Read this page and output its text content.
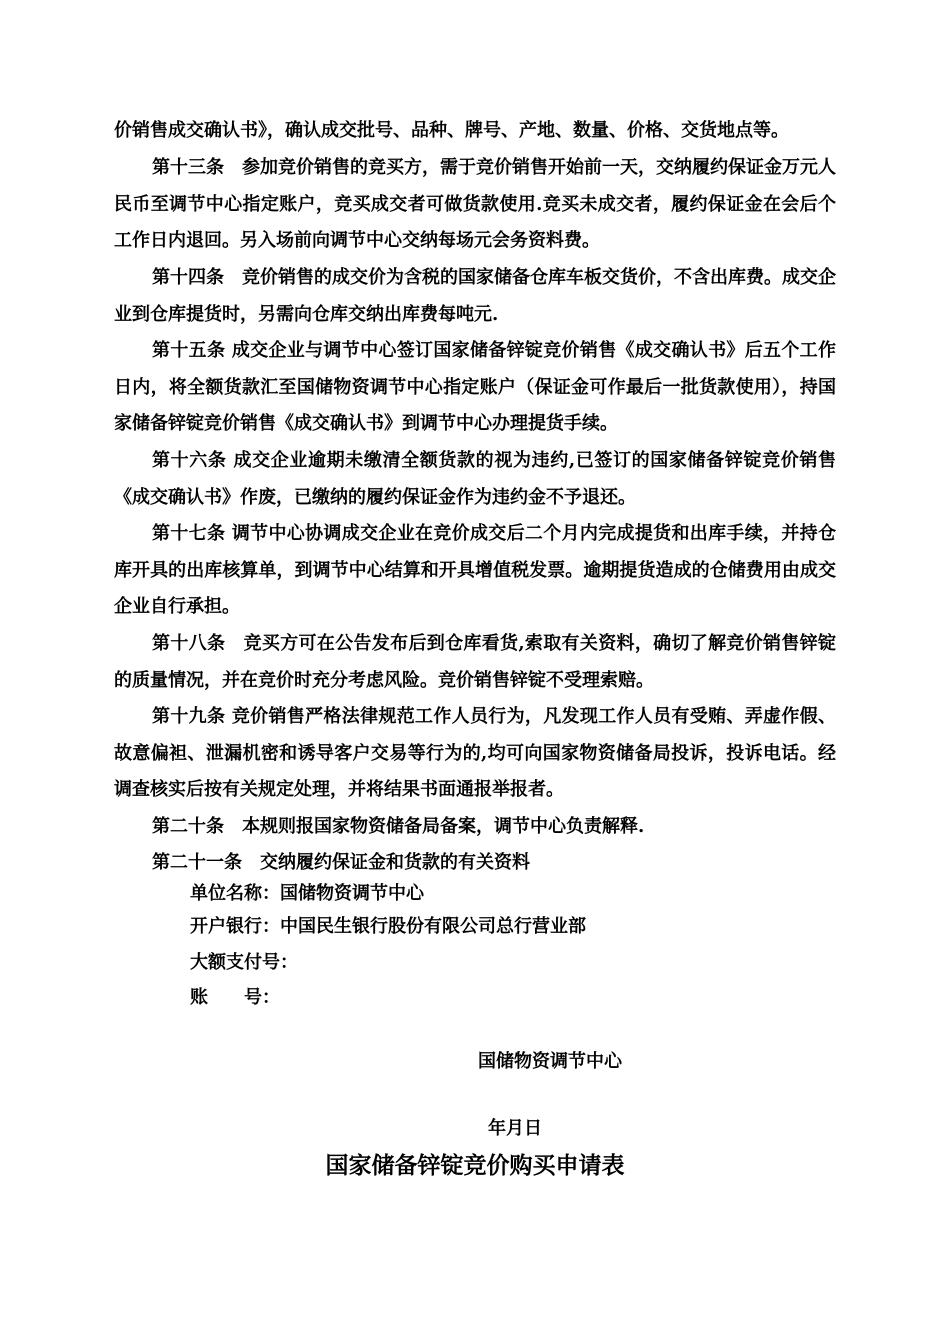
价销售成交确认书》，确认成交批号、品种、牌号、产地、数量、价格、交货地点等。

第十三条　参加竞价销售的竞买方，需于竞价销售开始前一天，交纳履约保证金万元人民币至调节中心指定账户，竞买成交者可做货款使用.竞买未成交者，履约保证金在会后个工作日内退回。另入场前向调节中心交纳每场元会务资料费。

第十四条　竞价销售的成交价为含税的国家储备仓库车板交货价，不含出库费。成交企业到仓库提货时，另需向仓库交纳出库费每吨元.

第十五条 成交企业与调节中心签订国家储备锌锭竞价销售《成交确认书》后五个工作日内，将全额货款汇至国储物资调节中心指定账户（保证金可作最后一批货款使用），持国家储备锌锭竞价销售《成交确认书》到调节中心办理提货手续。

第十六条 成交企业逾期未缴清全额货款的视为违约,已签订的国家储备锌锭竞价销售《成交确认书》作废，已缴纳的履约保证金作为违约金不予退还。

第十七条 调节中心协调成交企业在竞价成交后二个月内完成提货和出库手续，并持仓库开具的出库核算单，到调节中心结算和开具增值税发票。逾期提货造成的仓储费用由成交企业自行承担。

第十八条　竞买方可在公告发布后到仓库看货,索取有关资料，确切了解竞价销售锌锭的质量情况，并在竞价时充分考虑风险。竞价销售锌锭不受理索赔。

第十九条 竞价销售严格法律规范工作人员行为，凡发现工作人员有受贿、弄虚作假、故意偏袒、泄漏机密和诱导客户交易等行为的,均可向国家物资储备局投诉，投诉电话。经调查核实后按有关规定处理，并将结果书面通报举报者。

第二十条　本规则报国家物资储备局备案，调节中心负责解释.

第二十一条　交纳履约保证金和货款的有关资料

单位名称：国储物资调节中心

开户银行：中国民生银行股份有限公司总行营业部

大额支付号：

账　　号：

国储物资调节中心

年月日

国家储备锌锭竞价购买申请表
